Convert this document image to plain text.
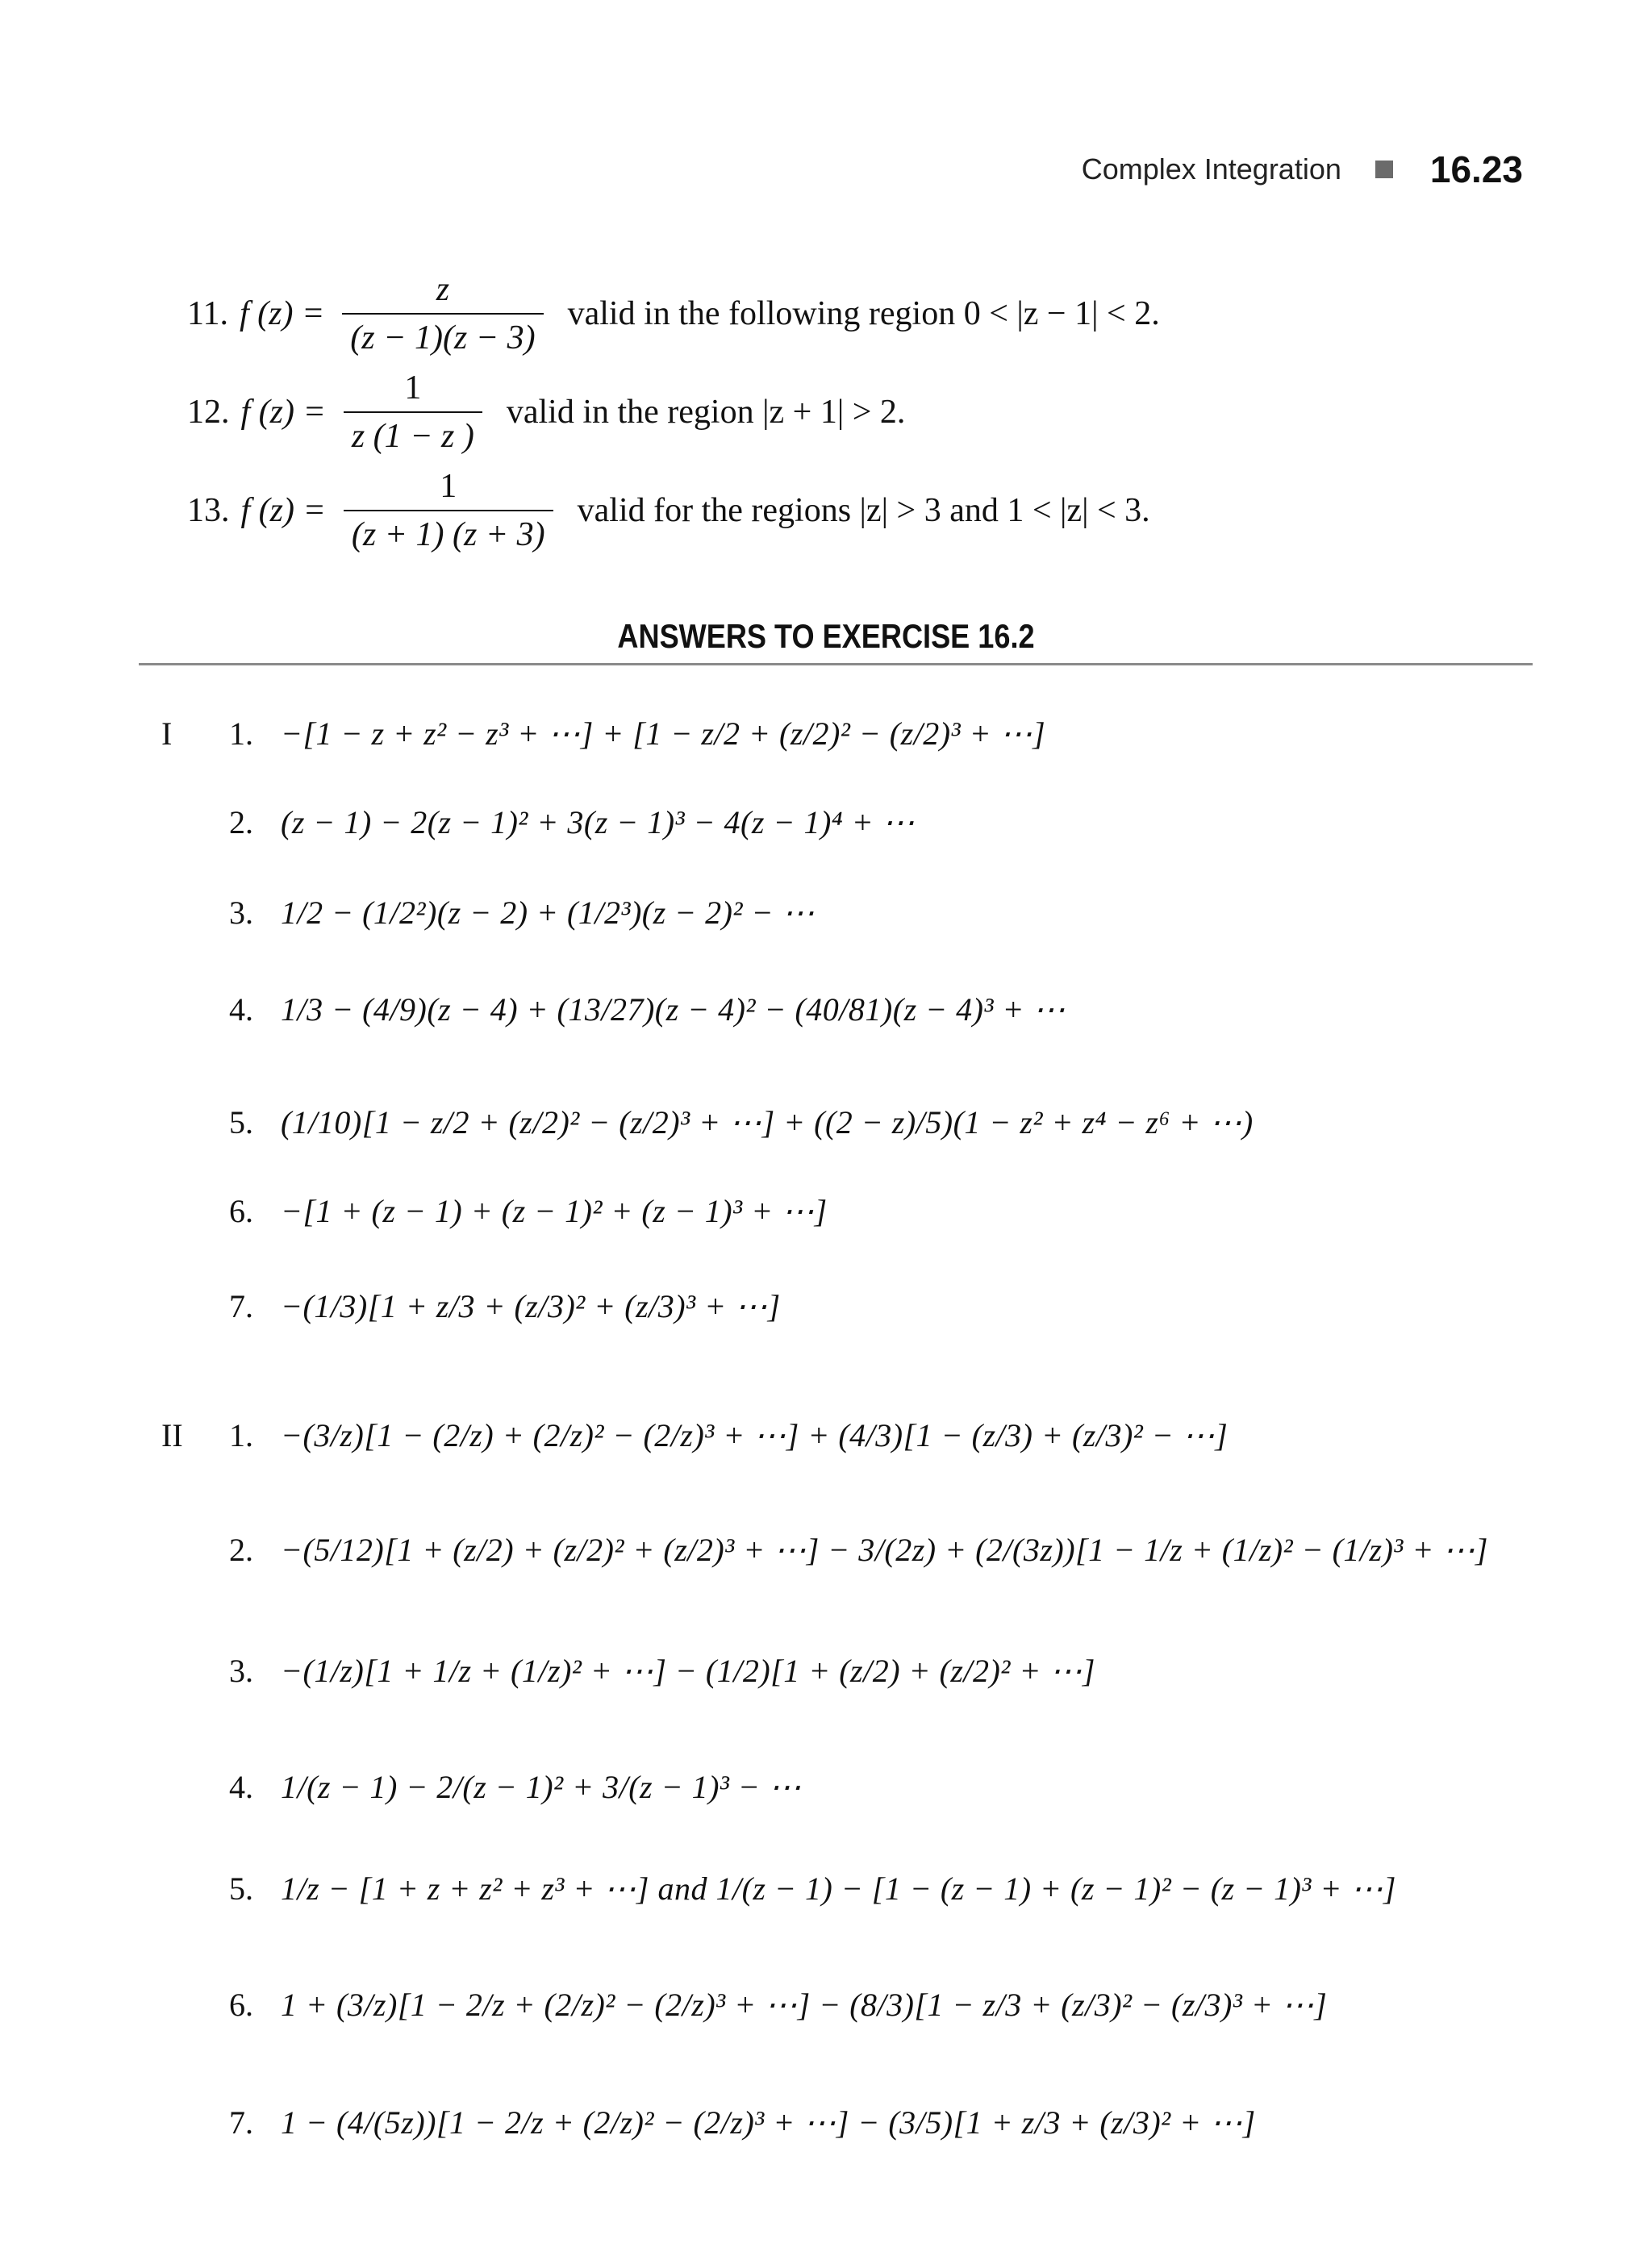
Complex Integration 16.23
11. f $(z) = \frac{z}{(z - 1)(z - 3)}$ valid in the following region 0 < |z − 1| < 2.
12. f $(z) = \frac{1}{z (1 - z )}$ valid in the region |z + 1| > 2.
13. f $(z) = \frac{1}{(z + 1) (z + 3)}$ valid for the regions |z| > 3 and 1 < |z| < 3.
ANSWERS TO EXERCISE 16.2
I	1. −[1 − z + z² − z³ + ⋯] + [1 − z/2 + (z/2)² − (z/2)³ + ⋯]
2. (z − 1) − 2(z − 1)² + 3(z − 1)³ − 4(z − 1)⁴ + ⋯
3. 1/2 − (1/2²)(z − 2) + (1/2³)(z − 2)² − ⋯
4. 1/3 − (4/9)(z − 4) + (13/27)(z − 4)² − (40/81)(z − 4)³ + ⋯
5. (1/10)[1 − z/2 + (z/2)² − (z/2)³ + ⋯] + ((2 − z)/5)(1 − z² + z⁴ − z⁶ + ⋯)
6. −[1 + (z − 1) + (z − 1)² + (z − 1)³ + ⋯]
7. −(1/3)[1 + z/3 + (z/3)² + (z/3)³ + ⋯]
II	1. −(3/z)[1 − (2/z) + (2/z)² − (2/z)³ + ⋯] + (4/3)[1 − (z/3) + (z/3)² − ⋯]
2. −(5/12)[1 + (z/2) + (z/2)² + (z/2)³ + ⋯] − 3/(2z) + (2/(3z))[1 − 1/z + (1/z)² − (1/z)³ + ⋯]
3. −(1/z)[1 + 1/z + (1/z)² + ⋯] − (1/2)[1 + (z/2) + (z/2)² + ⋯]
4. 1/(z − 1) − 2/(z − 1)² + 3/(z − 1)³ − ⋯
5. 1/z − [1 + z + z² + z³ + ⋯] and 1/(z − 1) − [1 − (z − 1) + (z − 1)² − (z − 1)³ + ⋯]
6. 1 + (3/z)[1 − 2/z + (2/z)² − (2/z)³ + ⋯] − (8/3)[1 − z/3 + (z/3)² − (z/3)³ + ⋯]
7. 1 − (4/(5z))[1 − 2/z + (2/z)² − (2/z)³ + ⋯] − (3/5)[1 + z/3 + (z/3)² + ⋯]
